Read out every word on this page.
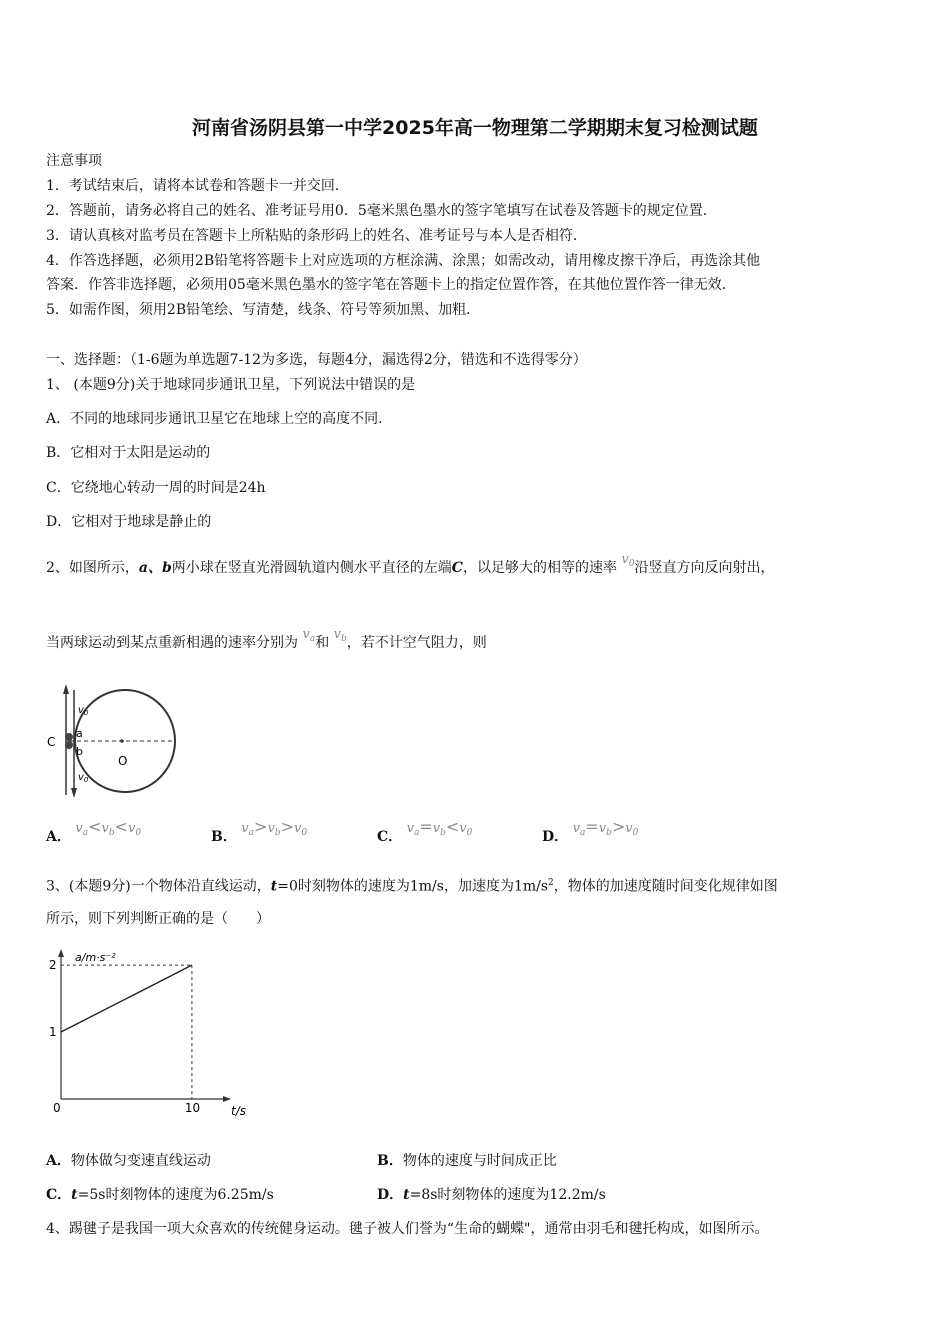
河南省汤阴县第一中学2025年高一物理第二学期期末复习检测试题
注意事项
1．考试结束后，请将本试卷和答题卡一并交回．
2．答题前，请务必将自己的姓名、准考证号用0．5毫米黑色墨水的签字笔填写在试卷及答题卡的规定位置．
3．请认真核对监考员在答题卡上所粘贴的条形码上的姓名、准考证号与本人是否相符．
4．作答选择题，必须用2B铅笔将答题卡上对应选项的方框涂满、涂黑；如需改动，请用橡皮擦干净后，再选涂其他
答案．作答非选择题，必须用05毫米黑色墨水的签字笔在答题卡上的指定位置作答，在其他位置作答一律无效．
5．如需作图，须用2B铅笔绘、写清楚，线条、符号等须加黑、加粗．
一、选择题：（1-6题为单选题7-12为多选，每题4分，漏选得2分，错选和不选得零分）
1、 (本题9分)关于地球同步通讯卫星，下列说法中错误的是
A．不同的地球同步通讯卫星它在地球上空的高度不同.
B．它相对于太阳是运动的
C．它绕地心转动一周的时间是24h
D．它相对于地球是静止的
2、如图所示，a、b两小球在竖直光滑圆轨道内侧水平直径的左端C，以足够大的相等的速率 $v_0$沿竖直方向反向射出，
当两球运动到某点重新相遇的速率分别为 $v_a$和 $v_b$，若不计空气阻力，则
C
a
b
O
$v_0$
$v_0$
A． $v_a<v_b<v_0$	B． $v_a>v_b>v_0$	C． $v_a=v_b<v_0$	D． $v_a=v_b>v_0$
3、(本题9分)一个物体沿直线运动，t=0时刻物体的速度为1m/s，加速度为$1m/s^2$，物体的加速度随时间变化规律如图
所示，则下列判断正确的是（　　）
1
2
0	10
a/m·s⁻²
t/s
A．物体做匀变速直线运动	B．物体的速度与时间成正比
C．t=5s时刻物体的速度为6.25m/s	D．t=8s时刻物体的速度为12.2m/s
4、踢毽子是我国一项大众喜欢的传统健身运动。毽子被人们誉为“生命的蝴蝶"，通常由羽毛和毽托构成，如图所示。
